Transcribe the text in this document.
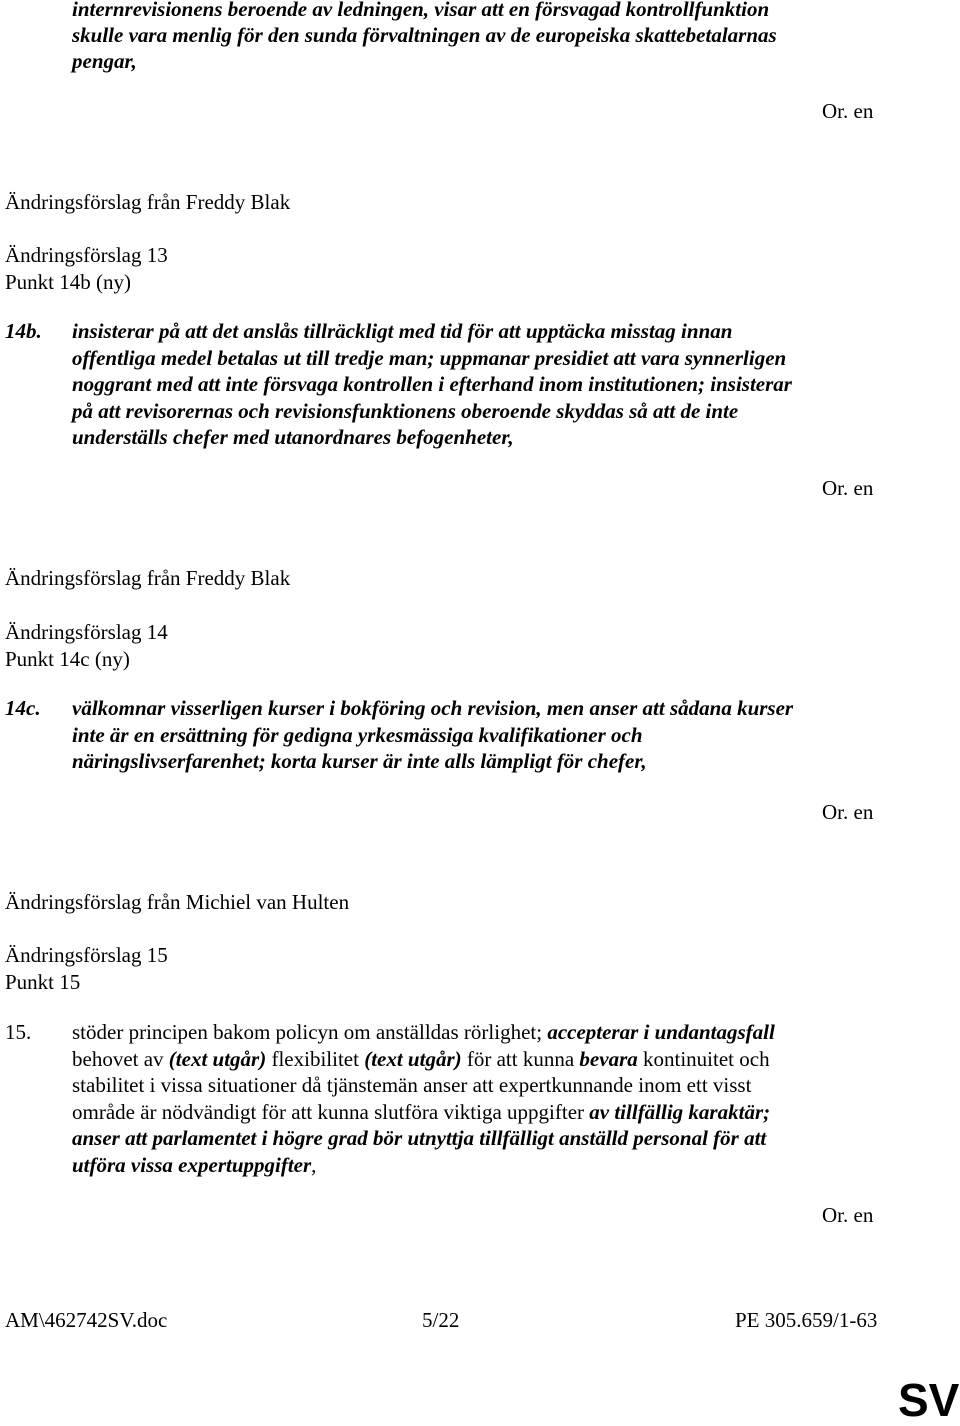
internrevisionens beroende av ledningen, visar att en försvagad kontrollfunktion
skulle vara menlig för den sunda förvaltningen av de europeiska skattebetalarnas
pengar,
Or. en
Ändringsförslag från Freddy Blak
Ändringsförslag 13
Punkt 14b (ny)
14b. insisterar på att det anslås tillräckligt med tid för att upptäcka misstag innan
offentliga medel betalas ut till tredje man; uppmanar presidiet att vara synnerligen
noggrant med att inte försvaga kontrollen i efterhand inom institutionen; insisterar
på att revisorernas och revisionsfunktionens oberoende skyddas så att de inte
underställs chefer med utanordnares befogenheter,
Or. en
Ändringsförslag från Freddy Blak
Ändringsförslag 14
Punkt 14c (ny)
14c. välkomnar visserligen kurser i bokföring och revision, men anser att sådana kurser
inte är en ersättning för gedigna yrkesmässiga kvalifikationer och
näringslivserfarenhet; korta kurser är inte alls lämpligt för chefer,
Or. en
Ändringsförslag från Michiel van Hulten
Ändringsförslag 15
Punkt 15
15. stöder principen bakom policyn om anställdas rörlighet; accepterar i undantagsfall
behovet av (text utgår) flexibilitet (text utgår) för att kunna bevara kontinuitet och
stabilitet i vissa situationer då tjänstemän anser att expertkunnande inom ett visst
område är nödvändigt för att kunna slutföra viktiga uppgifter av tillfällig karaktär;
anser att parlamentet i högre grad bör utnyttja tillfälligt anställd personal för att
utföra vissa expertuppgifter,
Or. en
AM\462742SV.doc	5/22	PE 305.659/1-63
SV
